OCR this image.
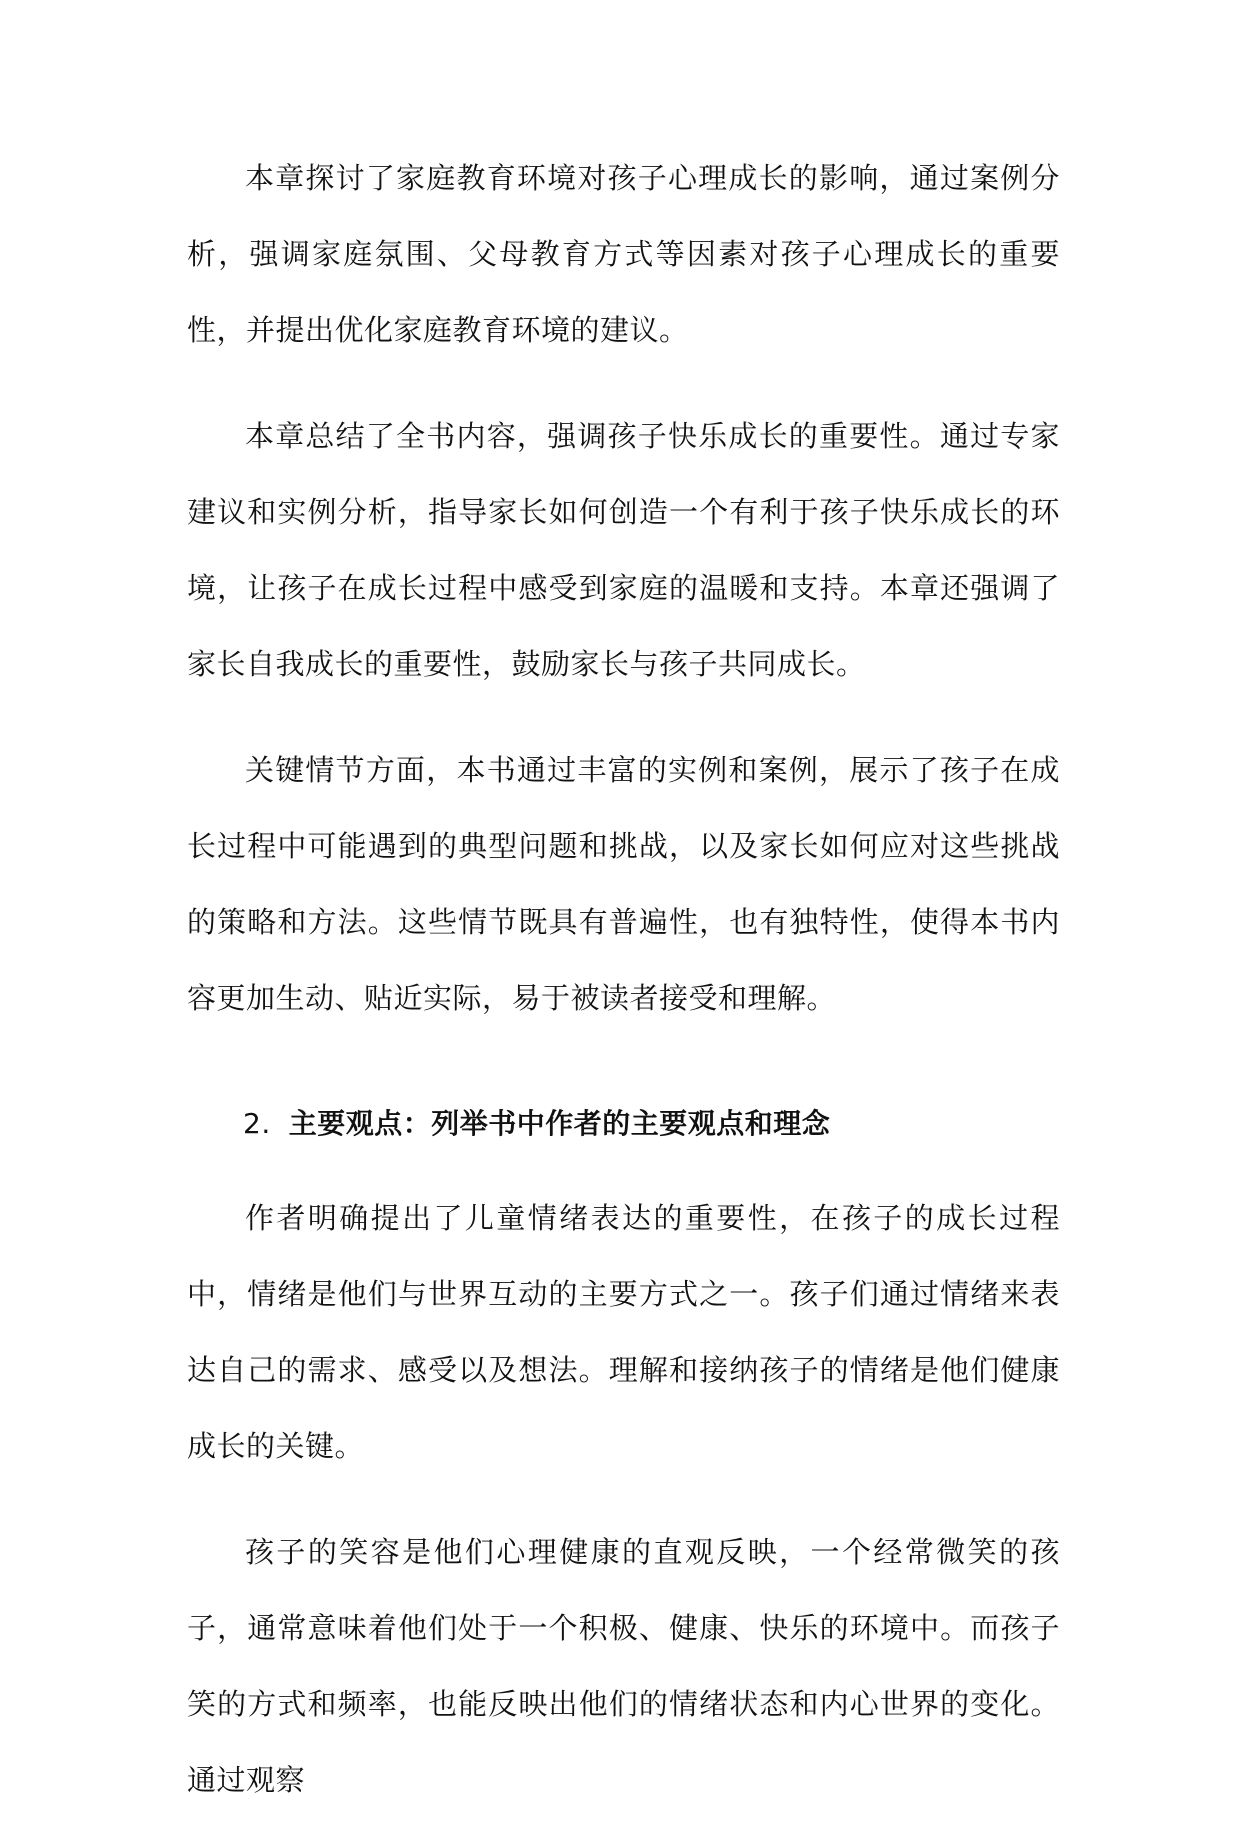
本章探讨了家庭教育环境对孩子心理成长的影响，通过案例分析，强调家庭氛围、父母教育方式等因素对孩子心理成长的重要性，并提出优化家庭教育环境的建议。

本章总结了全书内容，强调孩子快乐成长的重要性。通过专家建议和实例分析，指导家长如何创造一个有利于孩子快乐成长的环境，让孩子在成长过程中感受到家庭的温暖和支持。本章还强调了家长自我成长的重要性，鼓励家长与孩子共同成长。

关键情节方面，本书通过丰富的实例和案例，展示了孩子在成长过程中可能遇到的典型问题和挑战，以及家长如何应对这些挑战的策略和方法。这些情节既具有普遍性，也有独特性，使得本书内容更加生动、贴近实际，易于被读者接受和理解。

2. 主要观点：列举书中作者的主要观点和理念

作者明确提出了儿童情绪表达的重要性，在孩子的成长过程中，情绪是他们与世界互动的主要方式之一。孩子们通过情绪来表达自己的需求、感受以及想法。理解和接纳孩子的情绪是他们健康成长的关键。

孩子的笑容是他们心理健康的直观反映，一个经常微笑的孩子，通常意味着他们处于一个积极、健康、快乐的环境中。而孩子笑的方式和频率，也能反映出他们的情绪状态和内心世界的变化。通过观察
